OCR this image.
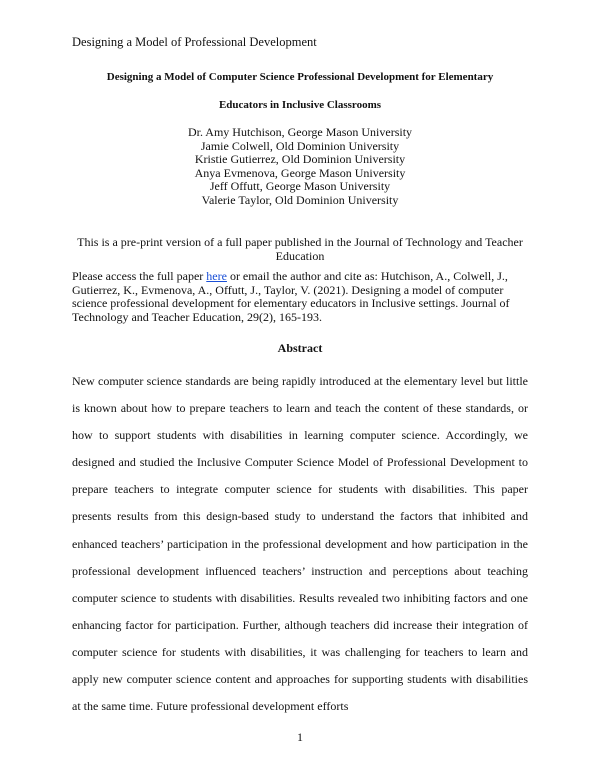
Designing a Model of Professional Development
Designing a Model of Computer Science Professional Development for Elementary
Educators in Inclusive Classrooms
Dr. Amy Hutchison, George Mason University
Jamie Colwell, Old Dominion University
Kristie Gutierrez, Old Dominion University
Anya Evmenova, George Mason University
Jeff Offutt, George Mason University
Valerie Taylor, Old Dominion University
This is a pre-print version of a full paper published in the Journal of Technology and Teacher Education
Please access the full paper here or email the author and cite as: Hutchison, A., Colwell, J., Gutierrez, K., Evmenova, A., Offutt, J., Taylor, V. (2021). Designing a model of computer science professional development for elementary educators in Inclusive settings. Journal of Technology and Teacher Education, 29(2), 165-193.
Abstract

New computer science standards are being rapidly introduced at the elementary level but little is known about how to prepare teachers to learn and teach the content of these standards, or how to support students with disabilities in learning computer science. Accordingly, we designed and studied the Inclusive Computer Science Model of Professional Development to prepare teachers to integrate computer science for students with disabilities. This paper presents results from this design-based study to understand the factors that inhibited and enhanced teachers’ participation in the professional development and how participation in the professional development influenced teachers’ instruction and perceptions about teaching computer science to students with disabilities. Results revealed two inhibiting factors and one enhancing factor for participation. Further, although teachers did increase their integration of computer science for students with disabilities, it was challenging for teachers to learn and apply new computer science content and approaches for supporting students with disabilities at the same time. Future professional development efforts

1
